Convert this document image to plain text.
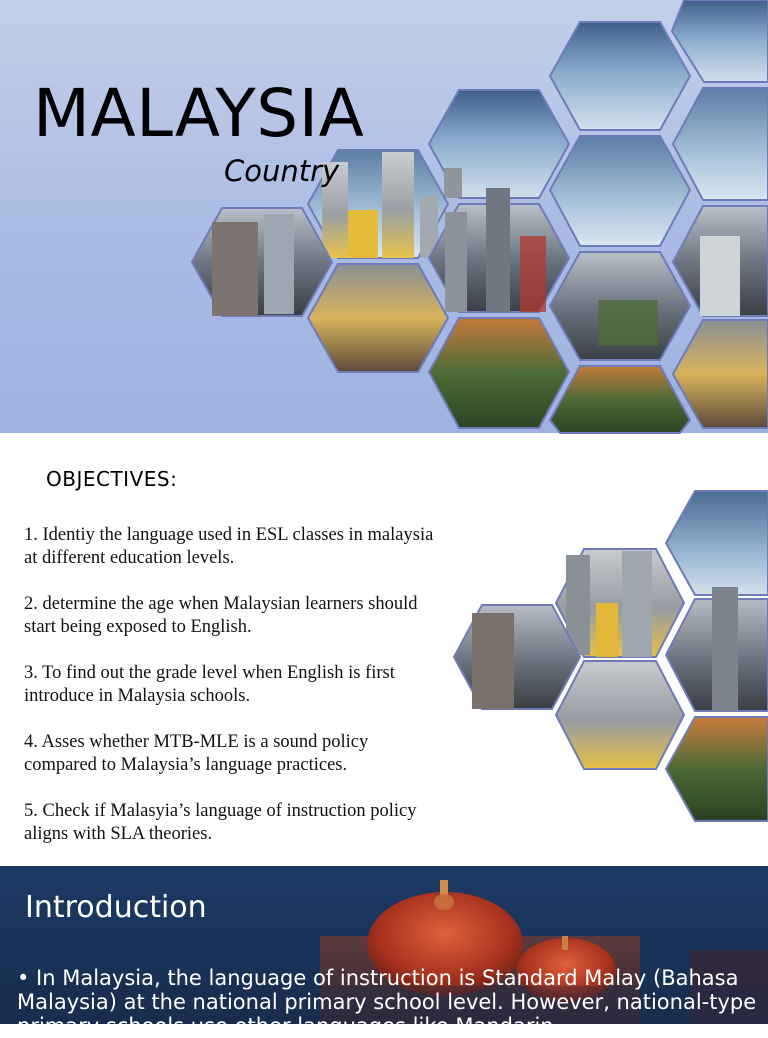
MALAYSIA
Country
OBJECTIVES:
1. Identiy the language used in ESL classes in malaysia at different education levels.
2. determine the age when Malaysian learners should start being exposed to English.
3. To find out the grade level when English is first introduce in Malaysia schools.
4. Asses whether MTB-MLE is a sound policy compared to Malaysia’s language practices.
5. Check if Malasyia’s language of instruction policy aligns with SLA theories.
Introduction

• In Malaysia, the language of instruction is Standard Malay (Bahasa Malaysia) at the national primary school level. However, national-type primary schools use other languages like Mandarin
